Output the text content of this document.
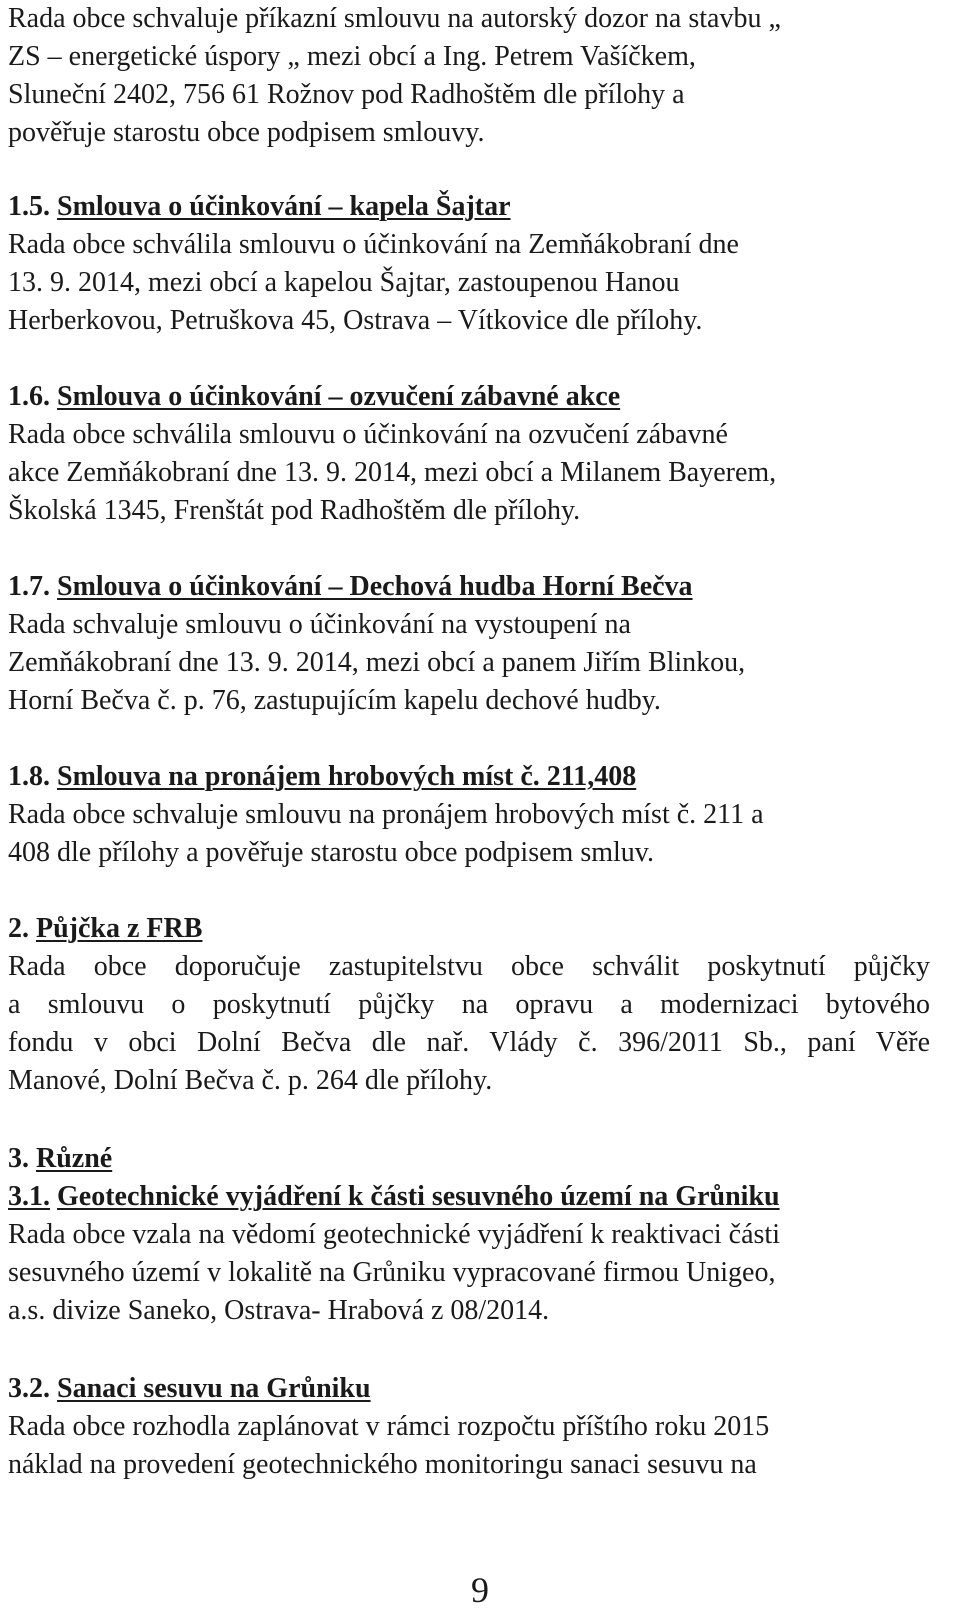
Rada obce schvaluje příkazní smlouvu na autorský dozor na stavbu „

ZS – energetické úspory „ mezi obcí a Ing. Petrem Vašíčkem,

Sluneční 2402, 756 61 Rožnov pod Radhoštěm dle přílohy a

pověřuje starostu obce podpisem smlouvy.

1.5. Smlouva o účinkování – kapela Šajtar

Rada obce schválila smlouvu o účinkování na Zemňákobraní dne

13. 9. 2014, mezi obcí a kapelou Šajtar, zastoupenou Hanou

Herberkovou, Petruškova 45, Ostrava – Vítkovice dle přílohy.

1.6. Smlouva o účinkování – ozvučení zábavné akce

Rada obce schválila smlouvu o účinkování na ozvučení zábavné

akce Zemňákobraní dne 13. 9. 2014, mezi obcí a Milanem Bayerem,

Školská 1345, Frenštát pod Radhoštěm dle přílohy.

1.7. Smlouva o účinkování – Dechová hudba Horní Bečva

Rada schvaluje smlouvu o účinkování na vystoupení na

Zemňákobraní dne 13. 9. 2014, mezi obcí a panem Jiřím Blinkou,

Horní Bečva č. p. 76, zastupujícím kapelu dechové hudby.

1.8. Smlouva na pronájem hrobových míst č. 211,408

Rada obce schvaluje smlouvu na pronájem hrobových míst č. 211 a

408 dle přílohy a pověřuje starostu obce podpisem smluv.

2. Půjčka z FRB

Rada obce doporučuje zastupitelstvu obce schválit poskytnutí půjčky

a smlouvu o poskytnutí půjčky na opravu a modernizaci bytového

fondu v obci Dolní Bečva dle nař. Vlády č. 396/2011 Sb., paní Věře

Manové, Dolní Bečva č. p. 264 dle přílohy.

3. Různé

3.1. Geotechnické vyjádření k části sesuvného území na Grůniku

Rada obce vzala na vědomí geotechnické vyjádření k reaktivaci části

sesuvného území v lokalitě na Grůniku vypracované firmou Unigeo,

a.s. divize Saneko, Ostrava- Hrabová z 08/2014.

3.2. Sanaci sesuvu na Grůniku

Rada obce rozhodla zaplánovat v rámci rozpočtu příštího roku 2015

náklad na provedení geotechnického monitoringu sanaci sesuvu na

9
